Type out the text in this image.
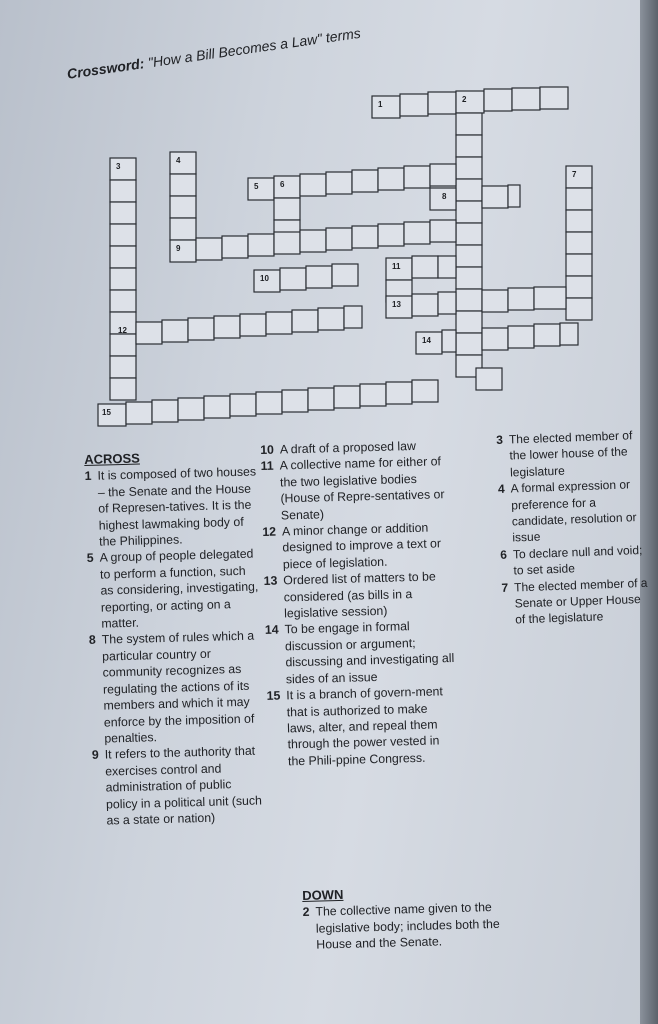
Crossword: "How a Bill Becomes a Law" terms
1
2
3
4
5	6
7
8
9
10
11
12
13
14
15
ACROSS
1 It is composed of two houses – the Senate and the House of Represen-tatives. It is the highest lawmaking body of the Philippines.
5 A group of people delegated to perform a function, such as considering, investigating, reporting, or acting on a matter.
8 The system of rules which a particular country or community recognizes as regulating the actions of its members and which it may enforce by the imposition of penalties.
9 It refers to the authority that exercises control and administration of public policy in a political unit (such as a state or nation)
10 A draft of a proposed law
11 A collective name for either of the two legislative bodies (House of Repre-sentatives or Senate)
12 A minor change or addition designed to improve a text or piece of legislation.
13 Ordered list of matters to be considered (as bills in a legislative session)
14 To be engage in formal discussion or argument; discussing and investigating all sides of an issue
15 It is a branch of govern-ment that is authorized to make laws, alter, and repeal them through the power vested in the Phili-ppine Congress.
3 The elected member of the lower house of the legislature
4 A formal expression or preference for a candidate, resolution or issue
6 To declare null and void; to set aside
7 The elected member of a Senate or Upper House of the legislature
DOWN
2 The collective name given to the legislative body; includes both the House and the Senate.
